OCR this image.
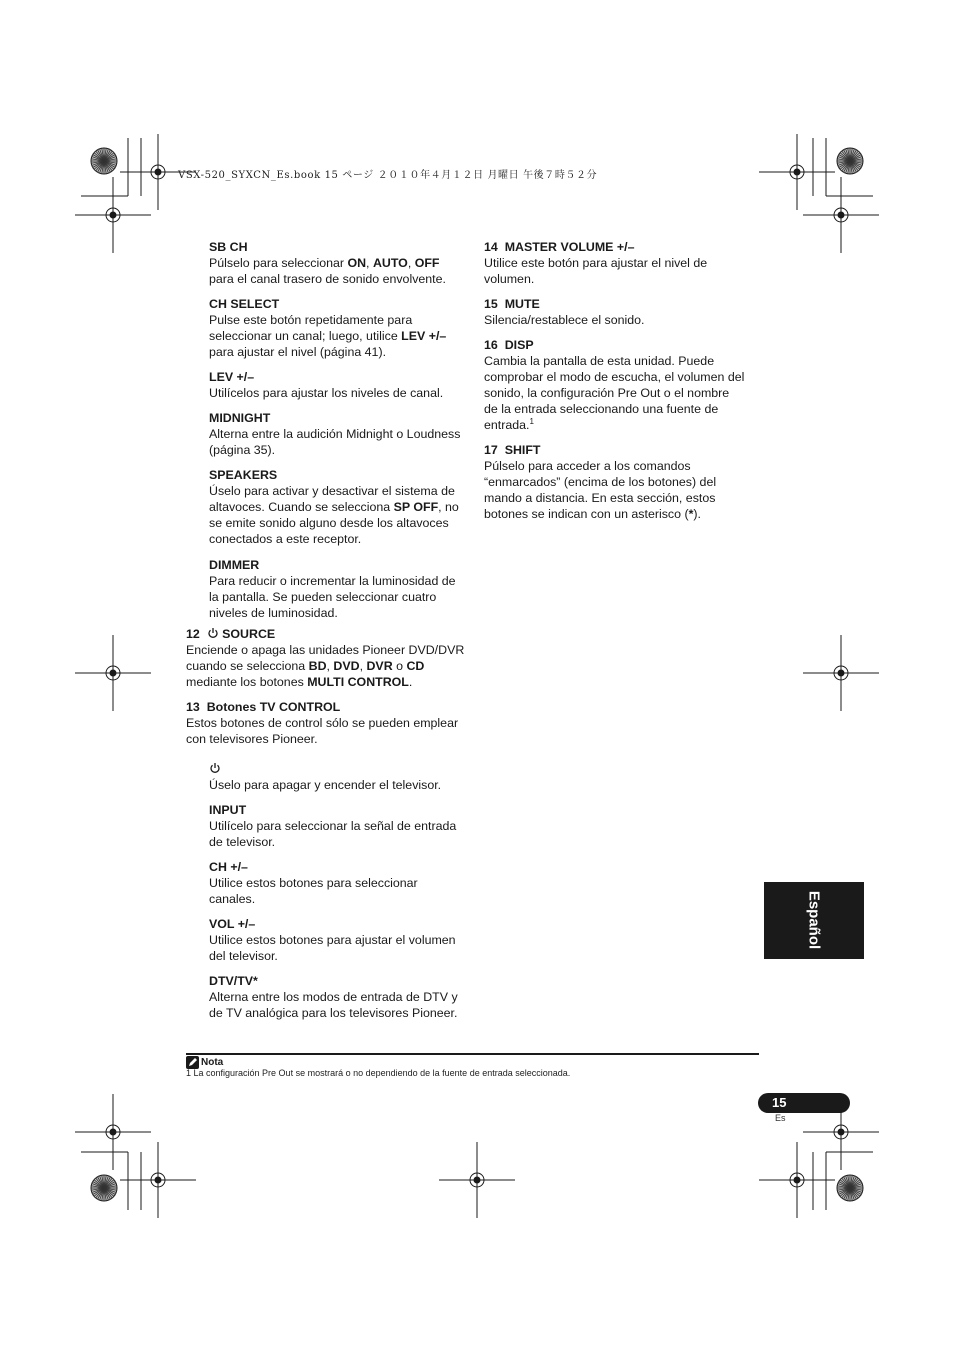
VSX-520_SYXCN_Es.book 15 ページ ２０１０年４月１２日 月曜日 午後７時５２分

SB CH

Púlselo para seleccionar ON, AUTO, OFF para el canal trasero de sonido envolvente.

CH SELECT

Pulse este botón repetidamente para seleccionar un canal; luego, utilice LEV +/– para ajustar el nivel (página 41).

LEV +/–

Utilícelos para ajustar los niveles de canal.

MIDNIGHT

Alterna entre la audición Midnight o Loudness (página 35).

SPEAKERS

Úselo para activar y desactivar el sistema de altavoces. Cuando se selecciona SP OFF, no se emite sonido alguno desde los altavoces conectados a este receptor.

DIMMER

Para reducir o incrementar la luminosidad de la pantalla. Se pueden seleccionar cuatro niveles de luminosidad.

12 SOURCE

Enciende o apaga las unidades Pioneer DVD/DVR cuando se selecciona BD, DVD, DVR o CD mediante los botones MULTI CONTROL.

13 Botones TV CONTROL

Estos botones de control sólo se pueden emplear con televisores Pioneer.

Úselo para apagar y encender el televisor.

INPUT

Utilícelo para seleccionar la señal de entrada de televisor.

CH +/–

Utilice estos botones para seleccionar canales.

VOL +/–

Utilice estos botones para ajustar el volumen del televisor.

DTV/TV*

Alterna entre los modos de entrada de DTV y de TV analógica para los televisores Pioneer.

14 MASTER VOLUME +/–

Utilice este botón para ajustar el nivel de volumen.

15 MUTE

Silencia/restablece el sonido.

16 DISP

Cambia la pantalla de esta unidad. Puede comprobar el modo de escucha, el volumen del sonido, la configuración Pre Out o el nombre de la entrada seleccionando una fuente de entrada.$^1$

17 SHIFT

Púlselo para acceder a los comandos “enmarcados” (encima de los botones) del mando a distancia. En esta sección, estos botones se indican con un asterisco (*).

Español
Nota
1 La configuración Pre Out se mostrará o no dependiendo de la fuente de entrada seleccionada.
15
Es
